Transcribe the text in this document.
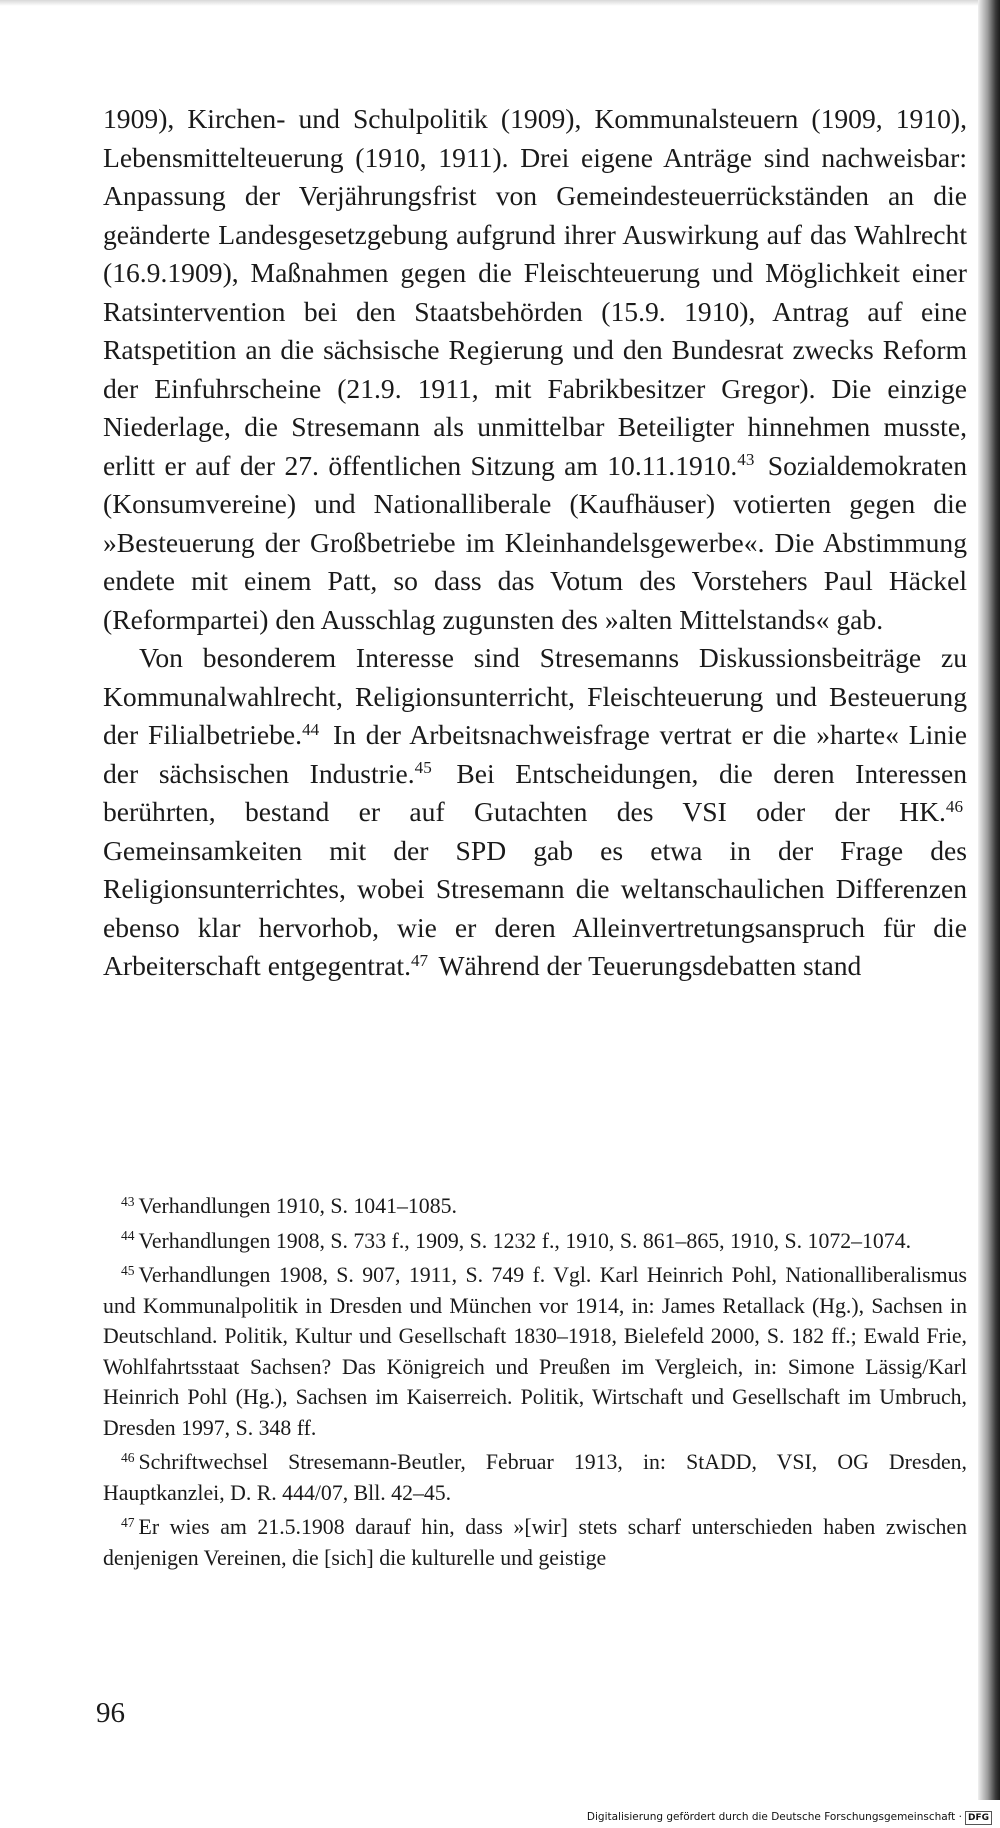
1909), Kirchen- und Schulpolitik (1909), Kommunalsteuern (1909, 1910), Lebensmittelteuerung (1910, 1911). Drei eigene Anträge sind nachweisbar: Anpassung der Verjährungsfrist von Gemeindesteuerrückständen an die geänderte Landesgesetzgebung aufgrund ihrer Auswirkung auf das Wahlrecht (16.9.1909), Maßnahmen gegen die Fleischteuerung und Möglichkeit einer Ratsintervention bei den Staatsbehörden (15.9. 1910), Antrag auf eine Ratspetition an die sächsische Regierung und den Bundesrat zwecks Reform der Einfuhrscheine (21.9. 1911, mit Fabrikbesitzer Gregor). Die einzige Niederlage, die Stresemann als unmittelbar Beteiligter hinnehmen musste, erlitt er auf der 27. öffentlichen Sitzung am 10.11.1910.43 Sozialdemokraten (Konsumvereine) und Nationalliberale (Kaufhäuser) votierten gegen die »Besteuerung der Großbetriebe im Kleinhandelsgewerbe«. Die Abstimmung endete mit einem Patt, so dass das Votum des Vorstehers Paul Häckel (Reformpartei) den Ausschlag zugunsten des »alten Mittelstands« gab.

Von besonderem Interesse sind Stresemanns Diskussionsbeiträge zu Kommunalwahlrecht, Religionsunterricht, Fleischteuerung und Besteuerung der Filialbetriebe.$^{44}$ In der Arbeitsnachweisfrage vertrat er die »harte« Linie der sächsischen Industrie.$^{45}$ Bei Entscheidungen, die deren Interessen berührten, bestand er auf Gutachten des VSI oder der HK.$^{46}$ Gemeinsamkeiten mit der SPD gab es etwa in der Frage des Religionsunterrichtes, wobei Stresemann die weltanschaulichen Differenzen ebenso klar hervorhob, wie er deren Alleinvertretungsanspruch für die Arbeiterschaft entgegentrat.$^{47}$ Während der Teuerungsdebatten stand

$^{43}$ Verhandlungen 1910, S. 1041–1085.

$^{44}$ Verhandlungen 1908, S. 733 f., 1909, S. 1232 f., 1910, S. 861–865, 1910, S. 1072–1074.

$^{45}$ Verhandlungen 1908, S. 907, 1911, S. 749 f. Vgl. Karl Heinrich Pohl, Nationalliberalismus und Kommunalpolitik in Dresden und München vor 1914, in: James Retallack (Hg.), Sachsen in Deutschland. Politik, Kultur und Gesellschaft 1830–1918, Bielefeld 2000, S. 182 ff.; Ewald Frie, Wohlfahrtsstaat Sachsen? Das Königreich und Preußen im Vergleich, in: Simone Lässig/Karl Heinrich Pohl (Hg.), Sachsen im Kaiserreich. Politik, Wirtschaft und Gesellschaft im Umbruch, Dresden 1997, S. 348 ff.

$^{46}$ Schriftwechsel Stresemann-Beutler, Februar 1913, in: StADD, VSI, OG Dresden, Hauptkanzlei, D. R. 444/07, Bll. 42–45.

$^{47}$ Er wies am 21.5.1908 darauf hin, dass »[wir] stets scharf unterschieden haben zwischen denjenigen Vereinen, die [sich] die kulturelle und geistige

96
Digitalisierung gefördert durch die Deutsche Forschungsgemeinschaft · DFG
